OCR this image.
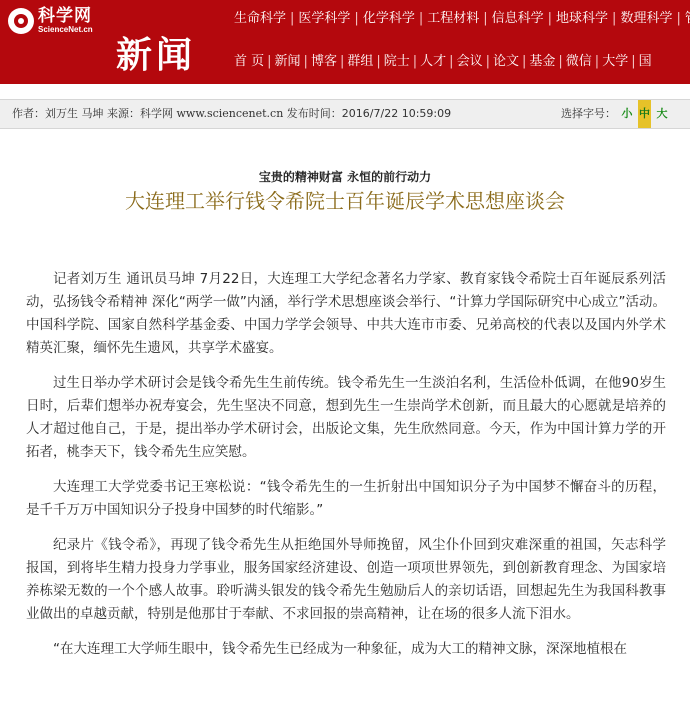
科学网
ScienceNet.cn
新闻
生命科学 | 医学科学 | 化学科学 | 工程材料 | 信息科学 | 地球科学 | 数理科学 | 管
首 页 | 新闻 | 博客 | 群组 | 院士 | 人才 | 会议 | 论文 | 基金 | 微信 | 大学 | 国
作者：刘万生 马坤 来源：科学网 www.sciencenet.cn 发布时间：2016/7/22 10:59:09	选择字号： 小 中 大
宝贵的精神财富 永恒的前行动力
大连理工举行钱令希院士百年诞辰学术思想座谈会

记者刘万生 通讯员马坤 7月22日，大连理工大学纪念著名力学家、教育家钱令希院士百年诞辰系列活动，弘扬钱令希精神 深化“两学一做”内涵，举行学术思想座谈会举行、“计算力学国际研究中心成立”活动。中国科学院、国家自然科学基金委、中国力学学会领导、中共大连市市委、兄弟高校的代表以及国内外学术精英汇聚，缅怀先生遗风，共享学术盛宴。

过生日举办学术研讨会是钱令希先生生前传统。钱令希先生一生淡泊名利，生活俭朴低调，在他90岁生日时，后辈们想举办祝寿宴会，先生坚决不同意，想到先生一生崇尚学术创新，而且最大的心愿就是培养的人才超过他自己，于是，提出举办学术研讨会，出版论文集，先生欣然同意。今天，作为中国计算力学的开拓者，桃李天下，钱令希先生应笑慰。

大连理工大学党委书记王寒松说：“钱令希先生的一生折射出中国知识分子为中国梦不懈奋斗的历程，是千千万万中国知识分子投身中国梦的时代缩影。”

纪录片《钱令希》，再现了钱令希先生从拒绝国外导师挽留，风尘仆仆回到灾难深重的祖国，矢志科学报国，到将毕生精力投身力学事业，服务国家经济建设、创造一项项世界领先，到创新教育理念、为国家培养栋梁无数的一个个感人故事。聆听满头银发的钱令希先生勉励后人的亲切话语，回想起先生为我国科教事业做出的卓越贡献，特别是他那甘于奉献、不求回报的崇高精神，让在场的很多人流下泪水。

“在大连理工大学师生眼中，钱令希先生已经成为一种象征，成为大工的精神文脉，深深地植根在
